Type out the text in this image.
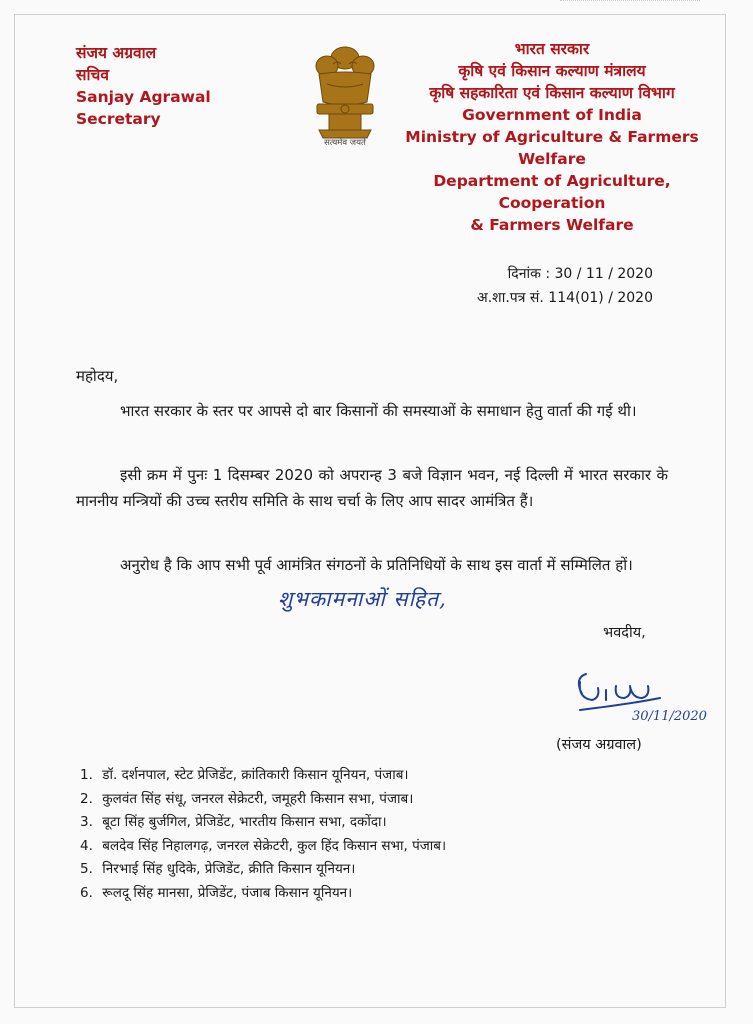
संजय अग्रवाल
सचिव
Sanjay Agrawal
Secretary
सत्यमेव जयते
भारत सरकार
कृषि एवं किसान कल्याण मंत्रालय
कृषि सहकारिता एवं किसान कल्याण विभाग
Government of India
Ministry of Agriculture & Farmers Welfare
Department of Agriculture, Cooperation
& Farmers Welfare
दिनांक : 30 / 11 / 2020
अ.शा.पत्र सं. 114(01) / 2020
महोदय,

भारत सरकार के स्तर पर आपसे दो बार किसानों की समस्याओं के समाधान हेतु वार्ता की गई थी।

इसी क्रम में पुनः 1 दिसम्बर 2020 को अपरान्ह 3 बजे विज्ञान भवन, नई दिल्ली में भारत सरकार के माननीय मन्त्रियों की उच्च स्तरीय समिति के साथ चर्चा के लिए आप सादर आमंत्रित हैं।

अनुरोध है कि आप सभी पूर्व आमंत्रित संगठनों के प्रतिनिधियों के साथ इस वार्ता में सम्मिलित हों।

शुभकामनाओं सहित,
भवदीय,
30/11/2020
(संजय अग्रवाल)
1. डॉ. दर्शनपाल, स्टेट प्रेजिडेंट, क्रांतिकारी किसान यूनियन, पंजाब।
2. कुलवंत सिंह संधू, जनरल सेक्रेटरी, जमूहरी किसान सभा, पंजाब।
3. बूटा सिंह बुर्जगिल, प्रेजिडेंट, भारतीय किसान सभा, दकोंदा।
4. बलदेव सिंह निहालगढ़, जनरल सेक्रेटरी, कुल हिंद किसान सभा, पंजाब।
5. निरभाई सिंह धुदिके, प्रेजिडेंट, क्रीति किसान यूनियन।
6. रूलदू सिंह मानसा, प्रेजिडेंट, पंजाब किसान यूनियन।
